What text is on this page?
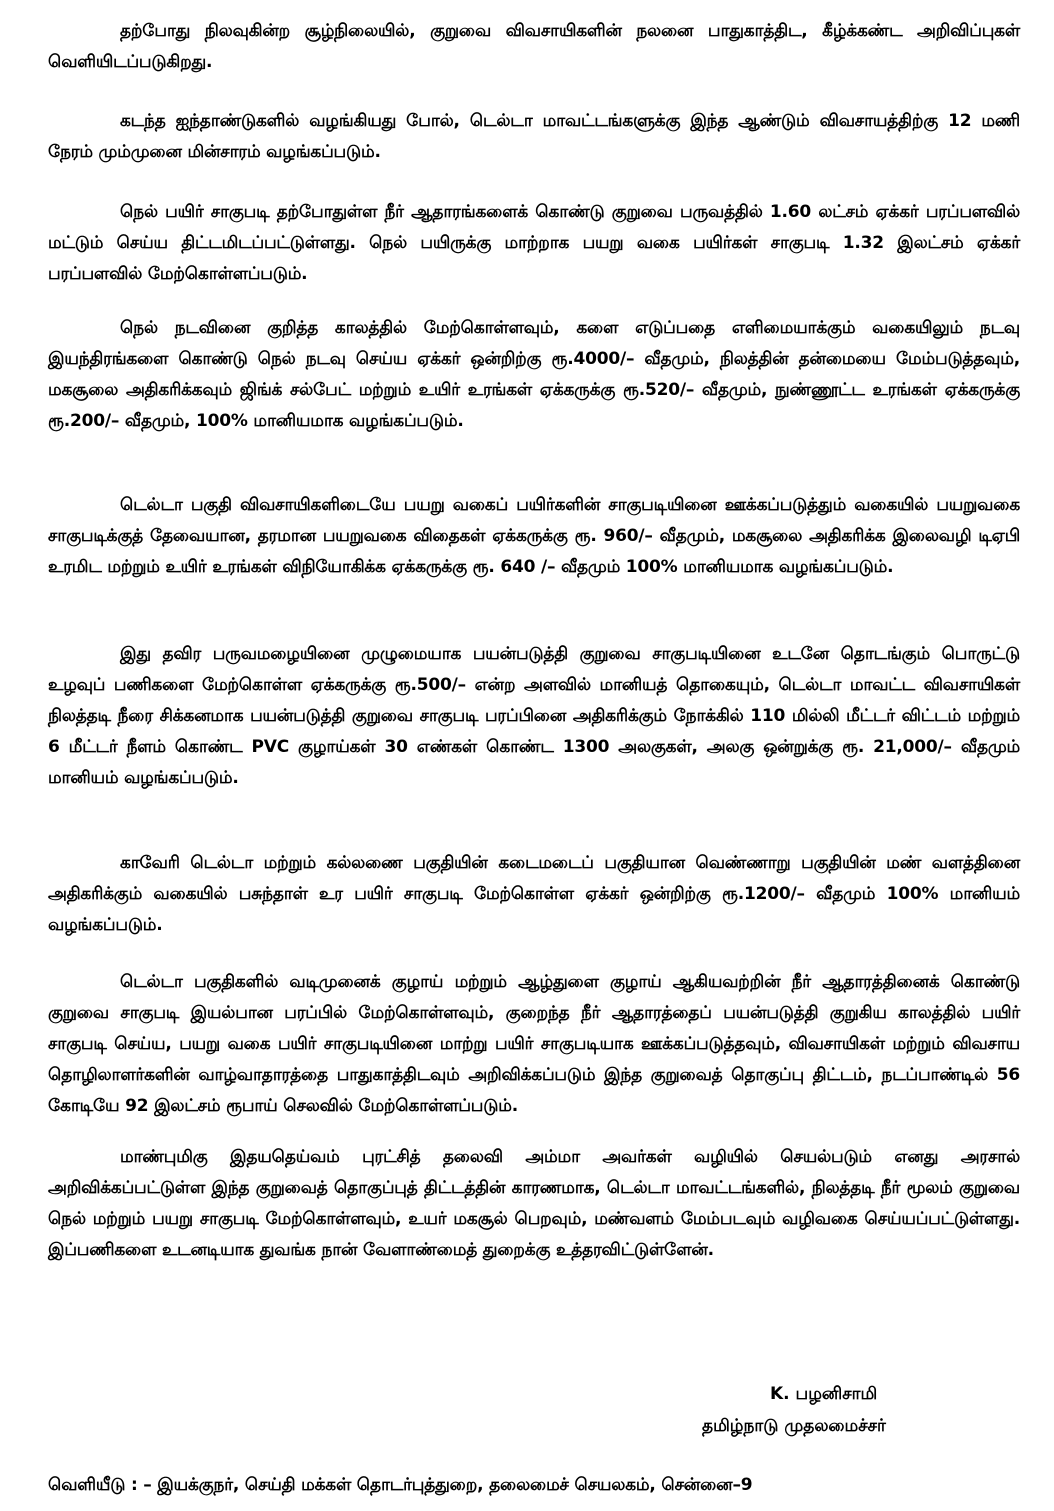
தற்போது நிலவுகின்ற சூழ்நிலையில், குறுவை விவசாயிகளின் நலனை பாதுகாத்திட, கீழ்க்கண்ட அறிவிப்புகள் வெளியிடப்படுகிறது.

கடந்த ஐந்தாண்டுகளில் வழங்கியது போல், டெல்டா மாவட்டங்களுக்கு இந்த ஆண்டும் விவசாயத்திற்கு 12 மணி நேரம் மும்முனை மின்சாரம் வழங்கப்படும்.

நெல் பயிர் சாகுபடி தற்போதுள்ள நீர் ஆதாரங்களைக் கொண்டு குறுவை பருவத்தில் 1.60 லட்சம் ஏக்கர் பரப்பளவில் மட்டும் செய்ய திட்டமிடப்பட்டுள்ளது. நெல் பயிருக்கு மாற்றாக பயறு வகை பயிர்கள் சாகுபடி 1.32 இலட்சம் ஏக்கர் பரப்பளவில் மேற்கொள்ளப்படும்.

நெல் நடவினை குறித்த காலத்தில் மேற்கொள்ளவும், களை எடுப்பதை எளிமையாக்கும் வகையிலும் நடவு இயந்திரங்களை கொண்டு நெல் நடவு செய்ய ஏக்கர் ஒன்றிற்கு ரூ.4000/– வீதமும், நிலத்தின் தன்மையை மேம்படுத்தவும், மகசூலை அதிகரிக்கவும் ஜிங்க் சல்பேட் மற்றும் உயிர் உரங்கள் ஏக்கருக்கு ரூ.520/– வீதமும், நுண்ணூட்ட உரங்கள் ஏக்கருக்கு ரூ.200/– வீதமும், 100% மானியமாக வழங்கப்படும்.

டெல்டா பகுதி விவசாயிகளிடையே பயறு வகைப் பயிர்களின் சாகுபடியினை ஊக்கப்படுத்தும் வகையில் பயறுவகை சாகுபடிக்குத் தேவையான, தரமான பயறுவகை விதைகள் ஏக்கருக்கு ரூ. 960/– வீதமும், மகசூலை அதிகரிக்க இலைவழி டிஏபி உரமிட மற்றும் உயிர் உரங்கள் விநியோகிக்க ஏக்கருக்கு ரூ. 640 /– வீதமும் 100% மானியமாக வழங்கப்படும்.

இது தவிர பருவமழையினை முழுமையாக பயன்படுத்தி குறுவை சாகுபடியினை உடனே தொடங்கும் பொருட்டு உழவுப் பணிகளை மேற்கொள்ள ஏக்கருக்கு ரூ.500/– என்ற அளவில் மானியத் தொகையும், டெல்டா மாவட்ட விவசாயிகள் நிலத்தடி நீரை சிக்கனமாக பயன்படுத்தி குறுவை சாகுபடி பரப்பினை அதிகரிக்கும் நோக்கில் 110 மில்லி மீட்டர் விட்டம் மற்றும் 6 மீட்டர் நீளம் கொண்ட PVC குழாய்கள் 30 எண்கள் கொண்ட 1300 அலகுகள், அலகு ஒன்றுக்கு ரூ. 21,000/– வீதமும் மானியம் வழங்கப்படும்.

காவேரி டெல்டா மற்றும் கல்லணை பகுதியின் கடைமடைப் பகுதியான வெண்ணாறு பகுதியின் மண் வளத்தினை அதிகரிக்கும் வகையில் பசுந்தாள் உர பயிர் சாகுபடி மேற்கொள்ள ஏக்கர் ஒன்றிற்கு ரூ.1200/– வீதமும் 100% மானியம் வழங்கப்படும்.

டெல்டா பகுதிகளில் வடிமுனைக் குழாய் மற்றும் ஆழ்துளை குழாய் ஆகியவற்றின் நீர் ஆதாரத்தினைக் கொண்டு குறுவை சாகுபடி இயல்பான பரப்பில் மேற்கொள்ளவும், குறைந்த நீர் ஆதாரத்தைப் பயன்படுத்தி குறுகிய காலத்தில் பயிர் சாகுபடி செய்ய, பயறு வகை பயிர் சாகுபடியினை மாற்று பயிர் சாகுபடியாக ஊக்கப்படுத்தவும், விவசாயிகள் மற்றும் விவசாய தொழிலாளர்களின் வாழ்வாதாரத்தை பாதுகாத்திடவும் அறிவிக்கப்படும் இந்த குறுவைத் தொகுப்பு திட்டம், நடப்பாண்டில் 56 கோடியே 92 இலட்சம் ரூபாய் செலவில் மேற்கொள்ளப்படும்.

மாண்புமிகு இதயதெய்வம் புரட்சித் தலைவி அம்மா அவர்கள் வழியில் செயல்படும் எனது அரசால் அறிவிக்கப்பட்டுள்ள இந்த குறுவைத் தொகுப்புத் திட்டத்தின் காரணமாக, டெல்டா மாவட்டங்களில், நிலத்தடி நீர் மூலம் குறுவை நெல் மற்றும் பயறு சாகுபடி மேற்கொள்ளவும், உயர் மகசூல் பெறவும், மண்வளம் மேம்படவும் வழிவகை செய்யப்பட்டுள்ளது. இப்பணிகளை உடனடியாக துவங்க நான் வேளாண்மைத் துறைக்கு உத்தரவிட்டுள்ளேன்.

K. பழனிசாமி
தமிழ்நாடு முதலமைச்சர்
வெளியீடு : – இயக்குநர், செய்தி மக்கள் தொடர்புத்துறை, தலைமைச் செயலகம், சென்னை–9
